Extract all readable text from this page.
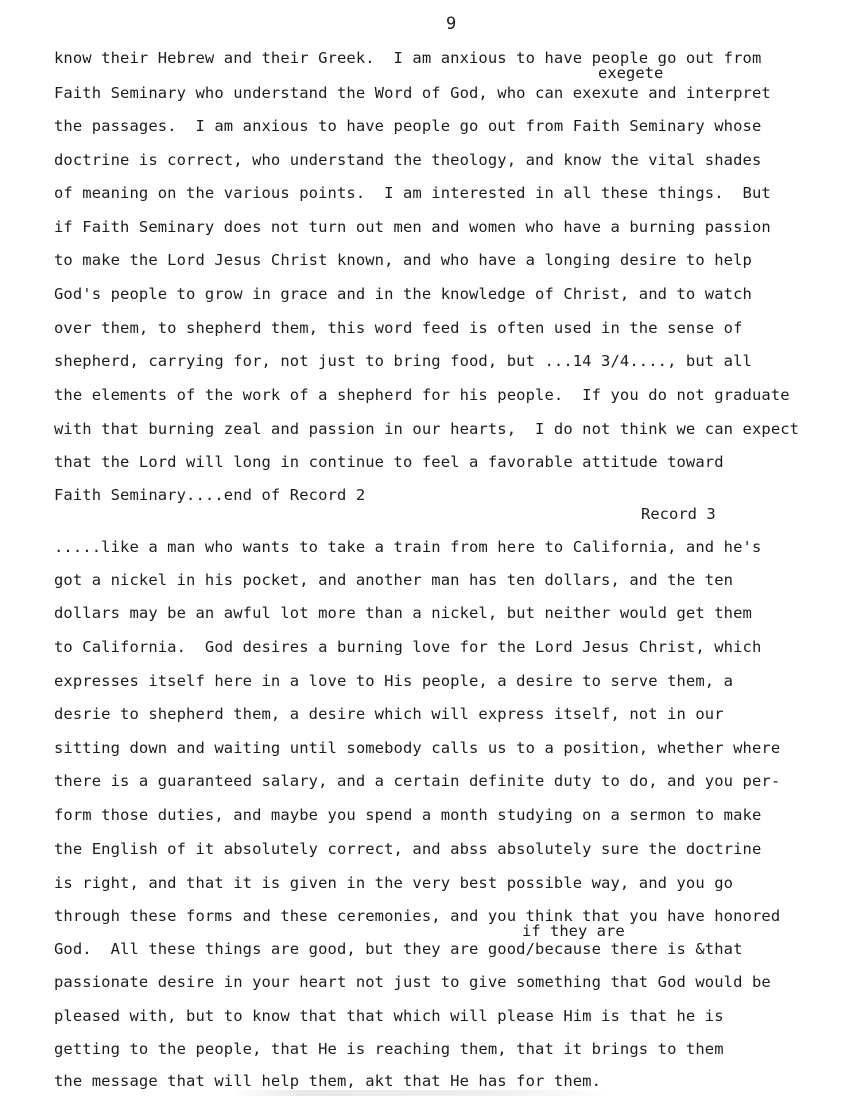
9
exegete
know their Hebrew and their Greek.  I am anxious to have people go out from
Faith Seminary who understand the Word of God, who can exexute and interpret
the passages.  I am anxious to have people go out from Faith Seminary whose
doctrine is correct, who understand the theology, and know the vital shades
of meaning on the various points.  I am interested in all these things.  But
if Faith Seminary does not turn out men and women who have a burning passion
to make the Lord Jesus Christ known, and who have a longing desire to help
God's people to grow in grace and in the knowledge of Christ, and to watch
over them, to shepherd them, this word feed is often used in the sense of
shepherd, carrying for, not just to bring food, but ...14 3/4...., but all
the elements of the work of a shepherd for his people.  If you do not graduate
with that burning zeal and passion in our hearts,  I do not think we can expect
that the Lord will long in continue to feel a favorable attitude toward
Faith Seminary....end of Record 2
Record 3
.....like a man who wants to take a train from here to California, and he's
got a nickel in his pocket, and another man has ten dollars, and the ten
dollars may be an awful lot more than a nickel, but neither would get them
to California.  God desires a burning love for the Lord Jesus Christ, which
expresses itself here in a love to His people, a desire to serve them, a
desrie to shepherd them, a desire which will express itself, not in our
sitting down and waiting until somebody calls us to a position, whether where
there is a guaranteed salary, and a certain definite duty to do, and you per-
form those duties, and maybe you spend a month studying on a sermon to make
the English of it absolutely correct, and abss absolutely sure the doctrine
is right, and that it is given in the very best possible way, and you go
through these forms and these ceremonies, and you think that you have honored
if they are
God.  All these things are good, but they are good/because there is &that
passionate desire in your heart not just to give something that God would be
pleased with, but to know that that which will please Him is that he is
getting to the people, that He is reaching them, that it brings to them
the message that will help them, akt that He has for them.
